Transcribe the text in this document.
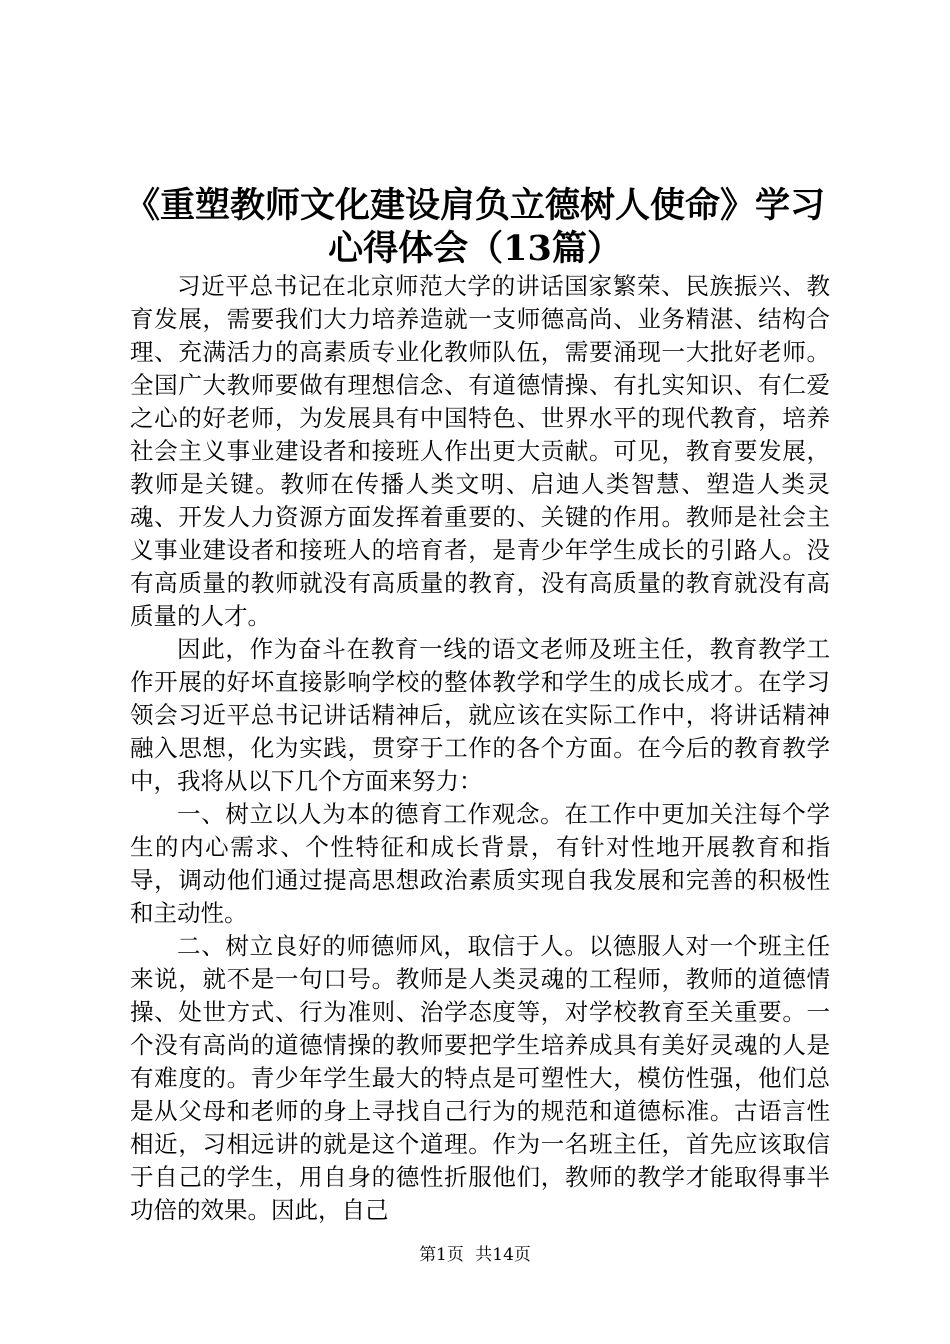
《重塑教师文化建设肩负立德树人使命》学习
心得体会（13篇）

习近平总书记在北京师范大学的讲话国家繁荣、民族振兴、教育发展，需要我们大力培养造就一支师德高尚、业务精湛、结构合理、充满活力的高素质专业化教师队伍，需要涌现一大批好老师。全国广大教师要做有理想信念、有道德情操、有扎实知识、有仁爱之心的好老师，为发展具有中国特色、世界水平的现代教育，培养社会主义事业建设者和接班人作出更大贡献。可见，教育要发展，教师是关键。教师在传播人类文明、启迪人类智慧、塑造人类灵魂、开发人力资源方面发挥着重要的、关键的作用。教师是社会主义事业建设者和接班人的培育者，是青少年学生成长的引路人。没有高质量的教师就没有高质量的教育，没有高质量的教育就没有高质量的人才。

因此，作为奋斗在教育一线的语文老师及班主任，教育教学工作开展的好坏直接影响学校的整体教学和学生的成长成才。在学习领会习近平总书记讲话精神后，就应该在实际工作中，将讲话精神融入思想，化为实践，贯穿于工作的各个方面。在今后的教育教学中，我将从以下几个方面来努力：

一、树立以人为本的德育工作观念。在工作中更加关注每个学生的内心需求、个性特征和成长背景，有针对性地开展教育和指导，调动他们通过提高思想政治素质实现自我发展和完善的积极性和主动性。

二、树立良好的师德师风，取信于人。以德服人对一个班主任来说，就不是一句口号。教师是人类灵魂的工程师，教师的道德情操、处世方式、行为准则、治学态度等，对学校教育至关重要。一个没有高尚的道德情操的教师要把学生培养成具有美好灵魂的人是有难度的。青少年学生最大的特点是可塑性大，模仿性强，他们总是从父母和老师的身上寻找自己行为的规范和道德标准。古语言性相近，习相远讲的就是这个道理。作为一名班主任，首先应该取信于自己的学生，用自身的德性折服他们，教师的教学才能取得事半功倍的效果。因此，自己

第1页 共14页
